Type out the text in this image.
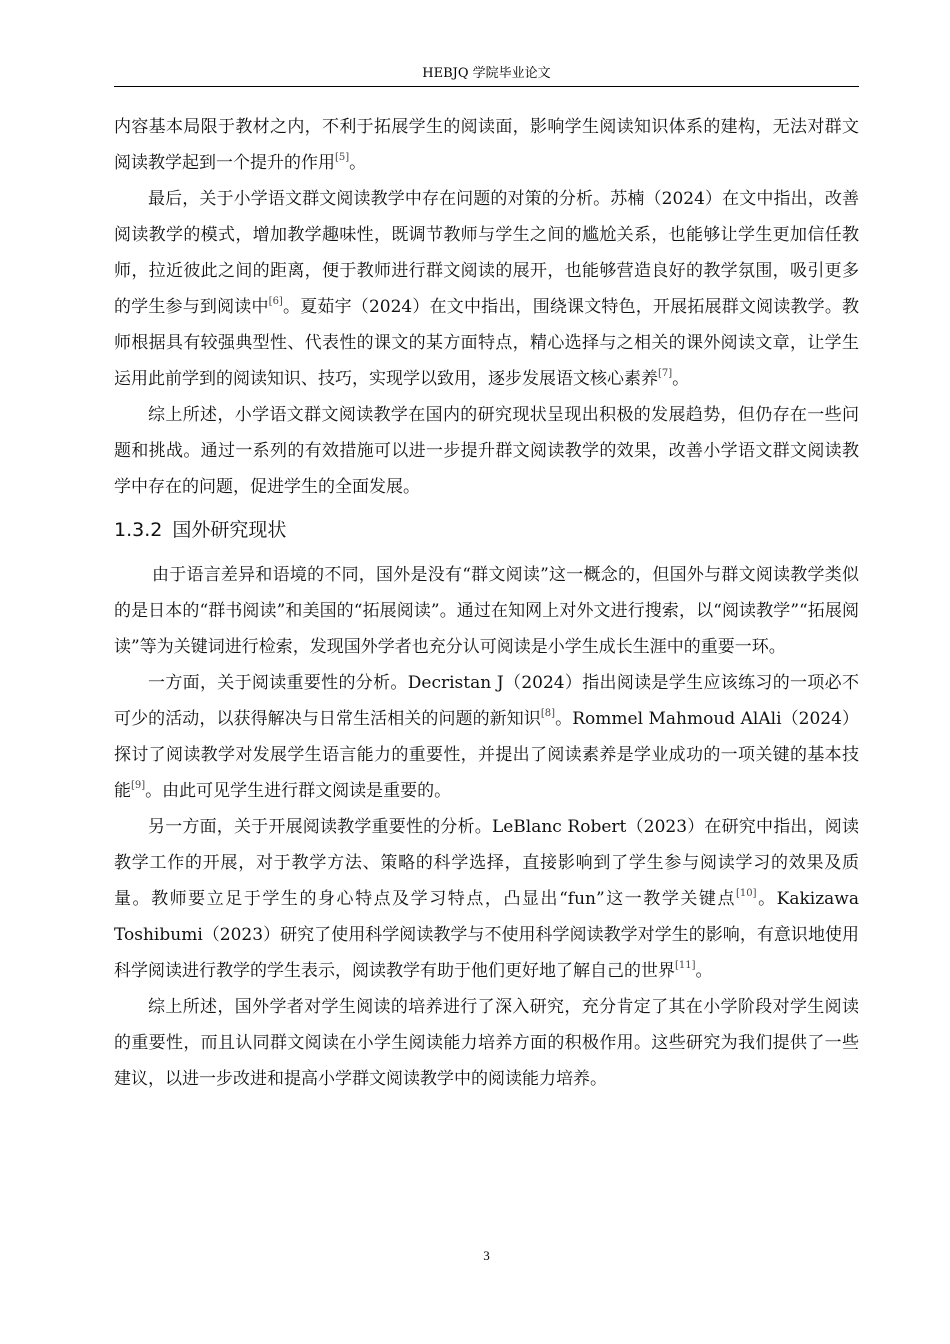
HEBJQ 学院毕业论文

内容基本局限于教材之内，不利于拓展学生的阅读面，影响学生阅读知识体系的建构，无法对群文阅读教学起到一个提升的作用[5]。

最后，关于小学语文群文阅读教学中存在问题的对策的分析。苏楠（2024）在文中指出，改善阅读教学的模式，增加教学趣味性，既调节教师与学生之间的尴尬关系，也能够让学生更加信任教师，拉近彼此之间的距离，便于教师进行群文阅读的展开，也能够营造良好的教学氛围，吸引更多的学生参与到阅读中[6]。夏茹宇（2024）在文中指出，围绕课文特色，开展拓展群文阅读教学。教师根据具有较强典型性、代表性的课文的某方面特点，精心选择与之相关的课外阅读文章，让学生运用此前学到的阅读知识、技巧，实现学以致用，逐步发展语文核心素养[7]。

综上所述，小学语文群文阅读教学在国内的研究现状呈现出积极的发展趋势，但仍存在一些问题和挑战。通过一系列的有效措施可以进一步提升群文阅读教学的效果，改善小学语文群文阅读教学中存在的问题，促进学生的全面发展。

1.3.2 国外研究现状

由于语言差异和语境的不同，国外是没有“群文阅读”这一概念的，但国外与群文阅读教学类似的是日本的“群书阅读”和美国的“拓展阅读”。通过在知网上对外文进行搜索，以“阅读教学”“拓展阅读”等为关键词进行检索，发现国外学者也充分认可阅读是小学生成长生涯中的重要一环。

一方面，关于阅读重要性的分析。Decristan J（2024）指出阅读是学生应该练习的一项必不可少的活动，以获得解决与日常生活相关的问题的新知识[8]。Rommel Mahmoud AlAli（2024）探讨了阅读教学对发展学生语言能力的重要性，并提出了阅读素养是学业成功的一项关键的基本技能[9]。由此可见学生进行群文阅读是重要的。

另一方面，关于开展阅读教学重要性的分析。LeBlanc Robert（2023）在研究中指出，阅读教学工作的开展，对于教学方法、策略的科学选择，直接影响到了学生参与阅读学习的效果及质量。教师要立足于学生的身心特点及学习特点，凸显出“fun”这一教学关键点[10]。Kakizawa Toshibumi（2023）研究了使用科学阅读教学与不使用科学阅读教学对学生的影响，有意识地使用科学阅读进行教学的学生表示，阅读教学有助于他们更好地了解自己的世界[11]。

综上所述，国外学者对学生阅读的培养进行了深入研究，充分肯定了其在小学阶段对学生阅读的重要性，而且认同群文阅读在小学生阅读能力培养方面的积极作用。这些研究为我们提供了一些建议，以进一步改进和提高小学群文阅读教学中的阅读能力培养。

3
